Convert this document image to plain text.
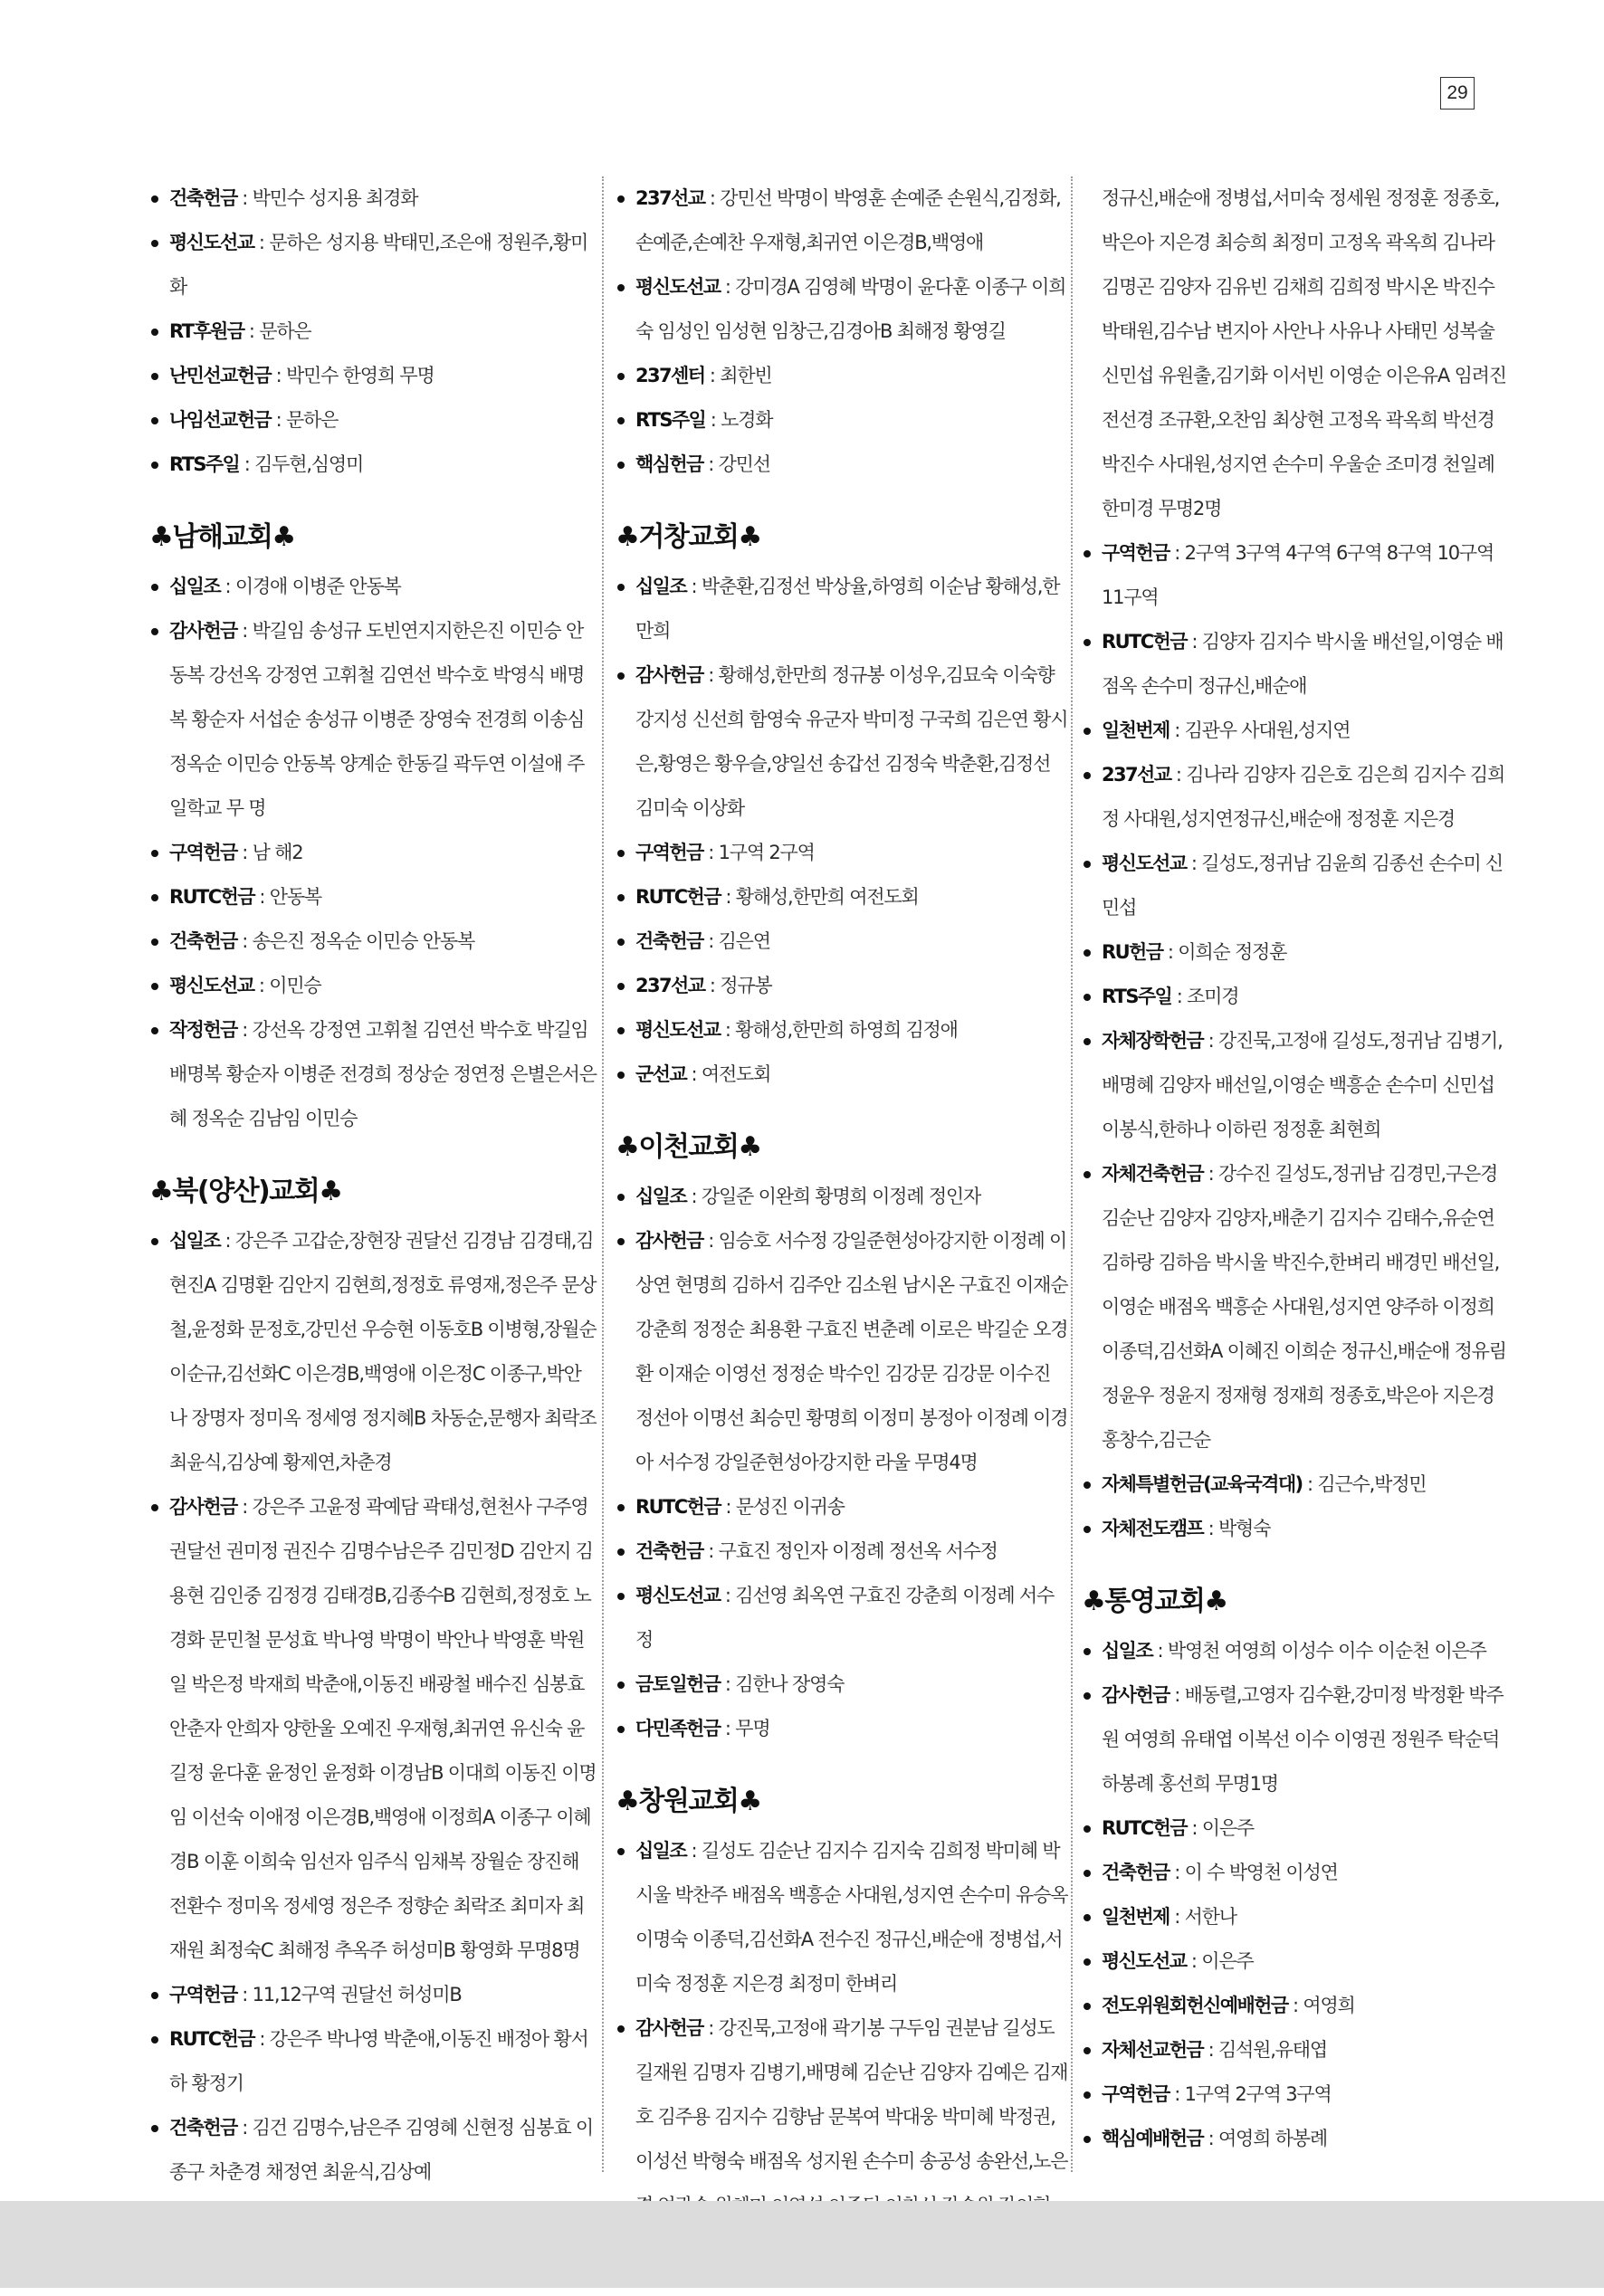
29
건축헌금 : 박민수 성지용 최경화
평신도선교 : 문하은 성지용 박태민,조은애 정원주,황미화
RT후원금 : 문하은
난민선교헌금 : 박민수 한영희 무명
나임선교헌금 : 문하은
RTS주일 : 김두현,심영미
♣남해교회♣
십일조 : 이경애 이병준 안동복
감사헌금 : 박길임 송성규 도빈연지지한은진 이민승 안동복 강선옥 강정연 고휘철 김연선 박수호 박영식 배명복 황순자 서섭순 송성규 이병준 장영숙 전경희 이송심 정옥순 이민승 안동복 양계순 한동길 곽두연 이설애 주일학교 무 명
구역헌금 : 남 해2
RUTC헌금 : 안동복
건축헌금 : 송은진 정옥순 이민승 안동복
평신도선교 : 이민승
작정헌금 : 강선옥 강정연 고휘철 김연선 박수호 박길임 배명복 황순자 이병준 전경희 정상순 정연정 은별은서은혜 정옥순 김남임 이민승
♣북(양산)교회♣
십일조 : 강은주 고갑순,장현장 권달선 김경남 김경태,김현진A 김명환 김안지 김현희,정정호 류영재,정은주 문상철,윤정화 문정호,강민선 우승현 이동호B 이병형,장월순 이순규,김선화C 이은경B,백영애 이은정C 이종구,박안나 장명자 정미옥 정세영 정지혜B 차동순,문행자 최락조 최윤식,김상예 황제연,차춘경
감사헌금 : 강은주 고윤정 곽예담 곽태성,현천사 구주영 권달선 권미정 권진수 김명수남은주 김민정D 김안지 김용현 김인중 김정경 김태경B,김종수B 김현희,정정호 노경화 문민철 문성효 박나영 박명이 박안나 박영훈 박원일 박은정 박재희 박춘애,이동진 배광철 배수진 심봉효 안춘자 안희자 양한울 오예진 우재형,최귀연 유신숙 윤길정 윤다훈 윤정인 윤정화 이경남B 이대희 이동진 이명임 이선숙 이애정 이은경B,백영애 이정희A 이종구 이혜경B 이훈 이희숙 임선자 임주식 임채복 장월순 장진해 전환수 정미옥 정세영 정은주 정향순 최락조 최미자 최재원 최정숙C 최해정 추옥주 허성미B 황영화 무명8명
구역헌금 : 11,12구역 권달선 허성미B
RUTC헌금 : 강은주 박나영 박춘애,이동진 배정아 황서하 황정기
건축헌금 : 김건 김명수,남은주 김영혜 신현정 심봉효 이종구 차춘경 채정연 최윤식,김상예
237선교 : 강민선 박명이 박영훈 손예준 손원식,김정화,손예준,손예찬 우재형,최귀연 이은경B,백영애
평신도선교 : 강미경A 김영혜 박명이 윤다훈 이종구 이희숙 임성인 임성현 임창근,김경아B 최해정 황영길
237센터 : 최한빈
RTS주일 : 노경화
핵심헌금 : 강민선
♣거창교회♣
십일조 : 박춘환,김정선 박상율,하영희 이순남 황해성,한만희
감사헌금 : 황해성,한만희 정규봉 이성우,김묘숙 이숙향 강지성 신선희 함영숙 유군자 박미정 구국희 김은연 황시은,황영은 황우슬,양일선 송갑선 김정숙 박춘환,김정선 김미숙 이상화
구역헌금 : 1구역 2구역
RUTC헌금 : 황해성,한만희 여전도회
건축헌금 : 김은연
237선교 : 정규봉
평신도선교 : 황해성,한만희 하영희 김정애
군선교 : 여전도회
♣이천교회♣
십일조 : 강일준 이완희 황명희 이정례 정인자
감사헌금 : 임승호 서수정 강일준현성아강지한 이정례 이상연 현명희 김하서 김주안 김소원 남시온 구효진 이재순 강춘희 정정순 최용환 구효진 변춘례 이로은 박길순 오경환 이재순 이영선 정정순 박수인 김강문 김강문 이수진 정선아 이명선 최승민 황명희 이정미 봉정아 이정례 이경아 서수정 강일준현성아강지한 라울 무명4명
RUTC헌금 : 문성진 이귀송
건축헌금 : 구효진 정인자 이정례 정선옥 서수정
평신도선교 : 김선영 최옥연 구효진 강춘희 이정례 서수정
금토일헌금 : 김한나 장영숙
다민족헌금 : 무명
♣창원교회♣
십일조 : 길성도 김순난 김지수 김지숙 김희정 박미혜 박시울 박찬주 배점옥 백흥순 사대원,성지연 손수미 유승옥 이명숙 이종덕,김선화A 전수진 정규신,배순애 정병섭,서미숙 정정훈 지은경 최정미 한벼리
감사헌금 : 강진묵,고정애 곽기봉 구두임 권분남 길성도 길재원 김명자 김병기,배명혜 김순난 김양자 김예은 김재호 김주용 김지수 김향남 문복여 박대웅 박미혜 박정권,이성선 박형숙 배점옥 성지원 손수미 송공성 송완선,노은
정규신,배순애 정병섭,서미숙 정세원 정정훈 정종호,박은아 지은경 최승희 최정미 고정옥 곽옥희 김나라 김명곤 김양자 김유빈 김채희 김희정 박시온 박진수 박태원,김수남 변지아 사안나 사유나 사태민 성복술 신민섭 유원출,김기화 이서빈 이영순 이은유A 임려진 전선경 조규환,오찬임 최상현 고정옥 곽옥희 박선경 박진수 사대원,성지연 손수미 우울순 조미경 천일례 한미경 무명2명
구역헌금 : 2구역 3구역 4구역 6구역 8구역 10구역 11구역
RUTC헌금 : 김양자 김지수 박시울 배선일,이영순 배점옥 손수미 정규신,배순애
일천번제 : 김관우 사대원,성지연
237선교 : 김나라 김양자 김은호 김은희 김지수 김희정 사대원,성지연정규신,배순애 정정훈 지은경
평신도선교 : 길성도,정귀남 김윤희 김종선 손수미 신민섭
RU헌금 : 이희순 정정훈
RTS주일 : 조미경
자체장학헌금 : 강진묵,고정애 길성도,정귀남 김병기,배명혜 김양자 배선일,이영순 백흥순 손수미 신민섭 이봉식,한하나 이하린 정정훈 최현희
자체건축헌금 : 강수진 길성도,정귀남 김경민,구은경 김순난 김양자 김양자,배춘기 김지수 김태수,유순연 김하랑 김하음 박시울 박진수,한벼리 배경민 배선일,이영순 배점옥 백흥순 사대원,성지연 양주하 이정희 이종덕,김선화A 이혜진 이희순 정규신,배순애 정유림 정윤우 정윤지 정재형 정재희 정종호,박은아 지은경 홍창수,김근순
자체특별헌금(교육국격대) : 김근수,박정민
자체전도캠프 : 박형숙
♣통영교회♣
십일조 : 박영천 여영희 이성수 이수 이순천 이은주
감사헌금 : 배동렬,고영자 김수환,강미정 박정환 박주원 여영희 유태엽 이복선 이수 이영권 정원주 탁순덕 하봉례 홍선희 무명1명
RUTC헌금 : 이은주
건축헌금 : 이 수 박영천 이성연
일천번제 : 서한나
평신도선교 : 이은주
전도위원회헌신예배헌금 : 여영희
자체선교헌금 : 김석원,유태엽
구역헌금 : 1구역 2구역 3구역
핵심예배헌금 : 여영희 하봉례
